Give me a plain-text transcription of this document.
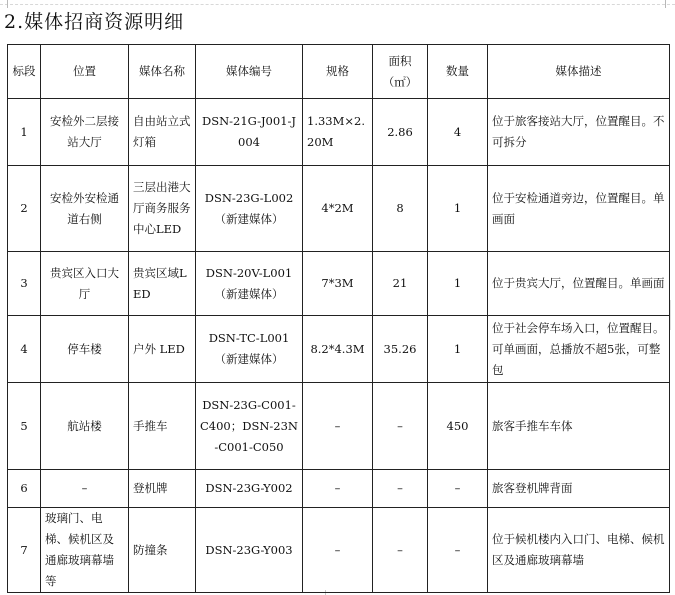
2.媒体招商资源明细
标段	位置	媒体名称	媒体编号	规格	面积（㎡）	数量	媒体描述
1	安检外二层接站大厅	自由站立式灯箱	DSN-21G-J001-J004	1.33M×2.20M	2.86	4	位于旅客接站大厅，位置醒目。不可拆分
2	安检外安检通道右侧	三层出港大厅商务服务中心LED	DSN-23G-L002（新建媒体）	4*2M	8	1	位于安检通道旁边，位置醒目。单画面
3	贵宾区入口大厅	贵宾区域LED	DSN-20V-L001（新建媒体）	7*3M	21	1	位于贵宾大厅，位置醒目。单画面
4	停车楼	户外 LED	DSN-TC-L001（新建媒体）	8.2*4.3M	35.26	1	位于社会停车场入口，位置醒目。可单画面，总播放不超5张，可整包
5	航站楼	手推车	DSN-23G-C001-C400；DSN-23N-C001-C050	–	–	450	旅客手推车车体
6	–	登机牌	DSN-23G-Y002	–	–	–	旅客登机牌背面
7	玻璃门、电梯、候机区及通廊玻璃幕墙等	防撞条	DSN-23G-Y003	–	–	–	位于候机楼内入口门、电梯、候机区及通廊玻璃幕墙
